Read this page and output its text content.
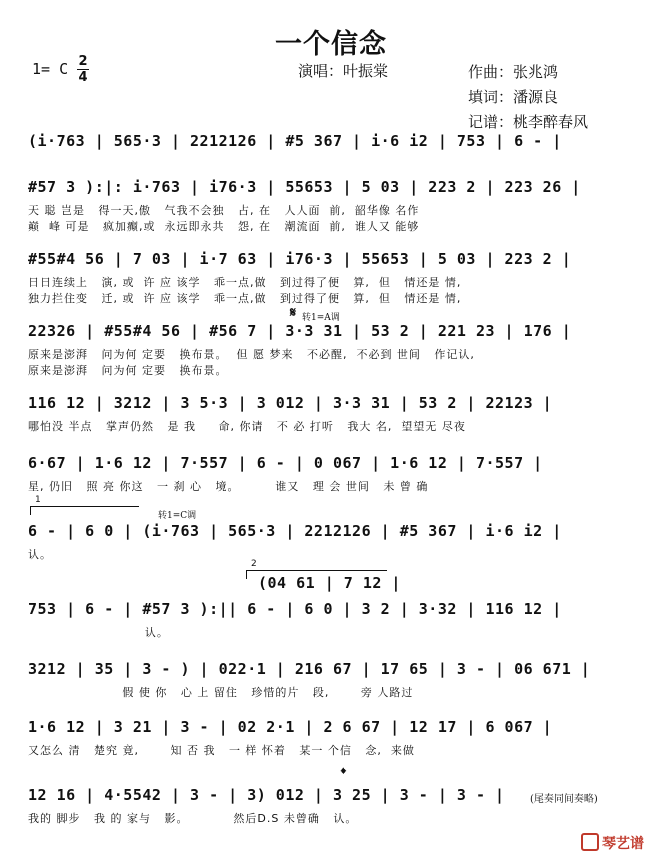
一个信念
1= C 2
4	演唱：叶振棠	作曲：张兆鸿
填词：潘源良
记谱：桃李醉春风
(i·763 | 565·3 | 2212126 | #5 367 | i·6 i2 | 753 | 6 - |
#57 3 ):|: i·763 | i76·3 | 55653 | 5 03 | 223 2 | 223 26 |
天 聪 岂是   得一天,傲   气我不会独   占, 在   人人面  前,  韶华像 名作
巅  峰 可是   疯加癫,或  永远即永共   怨, 在   潮流面  前,  谁人又 能够
#55#4 56 | 7 03 | i·7 63 | i76·3 | 55653 | 5 03 | 223 2 |
日日连续上   演, 或  许 应 该学   乖一点,做   到过得了便   算,  但   情还是 情,
独力拦住变   迁, 或  许 应 该学   乖一点,做   到过得了便   算,  但   情还是 情,
22326 | #55#4 56 | #56 7 | 3·3 31 | 53 2 | 221 23 | 176 |
原来是澎湃   问为何 定要   换布景。  但 愿 梦来   不必醒,  不必到 世间   作记认,
原来是澎湃   问为何 定要   换布景。
116 12 | 3212 | 3 5·3 | 3 012 | 3·3 31 | 53 2 | 22123 |
哪怕没 半点   掌声仍然   是 我     命, 你请   不 必 打听   我大 名,  望望无 尽夜
6·67 | 1·6 12 | 7·557 | 6 - | 0 067 | 1·6 12 | 7·557 |
星, 仍旧   照 亮 你这   一 刹 心   境。        谁又   理 会 世间   未 曾 确
6 - | 6 0 | (i·763 | 565·3 | 2212126 | #5 367 | i·6 i2 |
认。
753 | 6 - | #57 3 ):|| 6 - | 6 0 | 3 2 | 3·32 | 116 12 |
认。
3212 | 35 | 3 - ) | 022·1 | 216 67 | 17 65 | 3 - | 06 671 |
假 使 你   心 上 留住   珍惜的片   段,       旁 人路过
1·6 12 | 3 21 | 3 - | 02 2·1 | 2 6 67 | 12 17 | 6 067 |
又怎么 清   楚究 竟,       知 否 我   一 样 怀着   某一 个信   念,  来做
12 16 | 4·5542 | 3 - | 3) 012 | 3 25 | 3 - | 3 - |
我的 脚步   我 的 家与   影。          然后D.S 未曾确   认。
转1=A调
𝄋
1
转1=C调
2
(04 61 | 7 12 |
𝄌
(尾奏同间奏略)
琴艺谱
